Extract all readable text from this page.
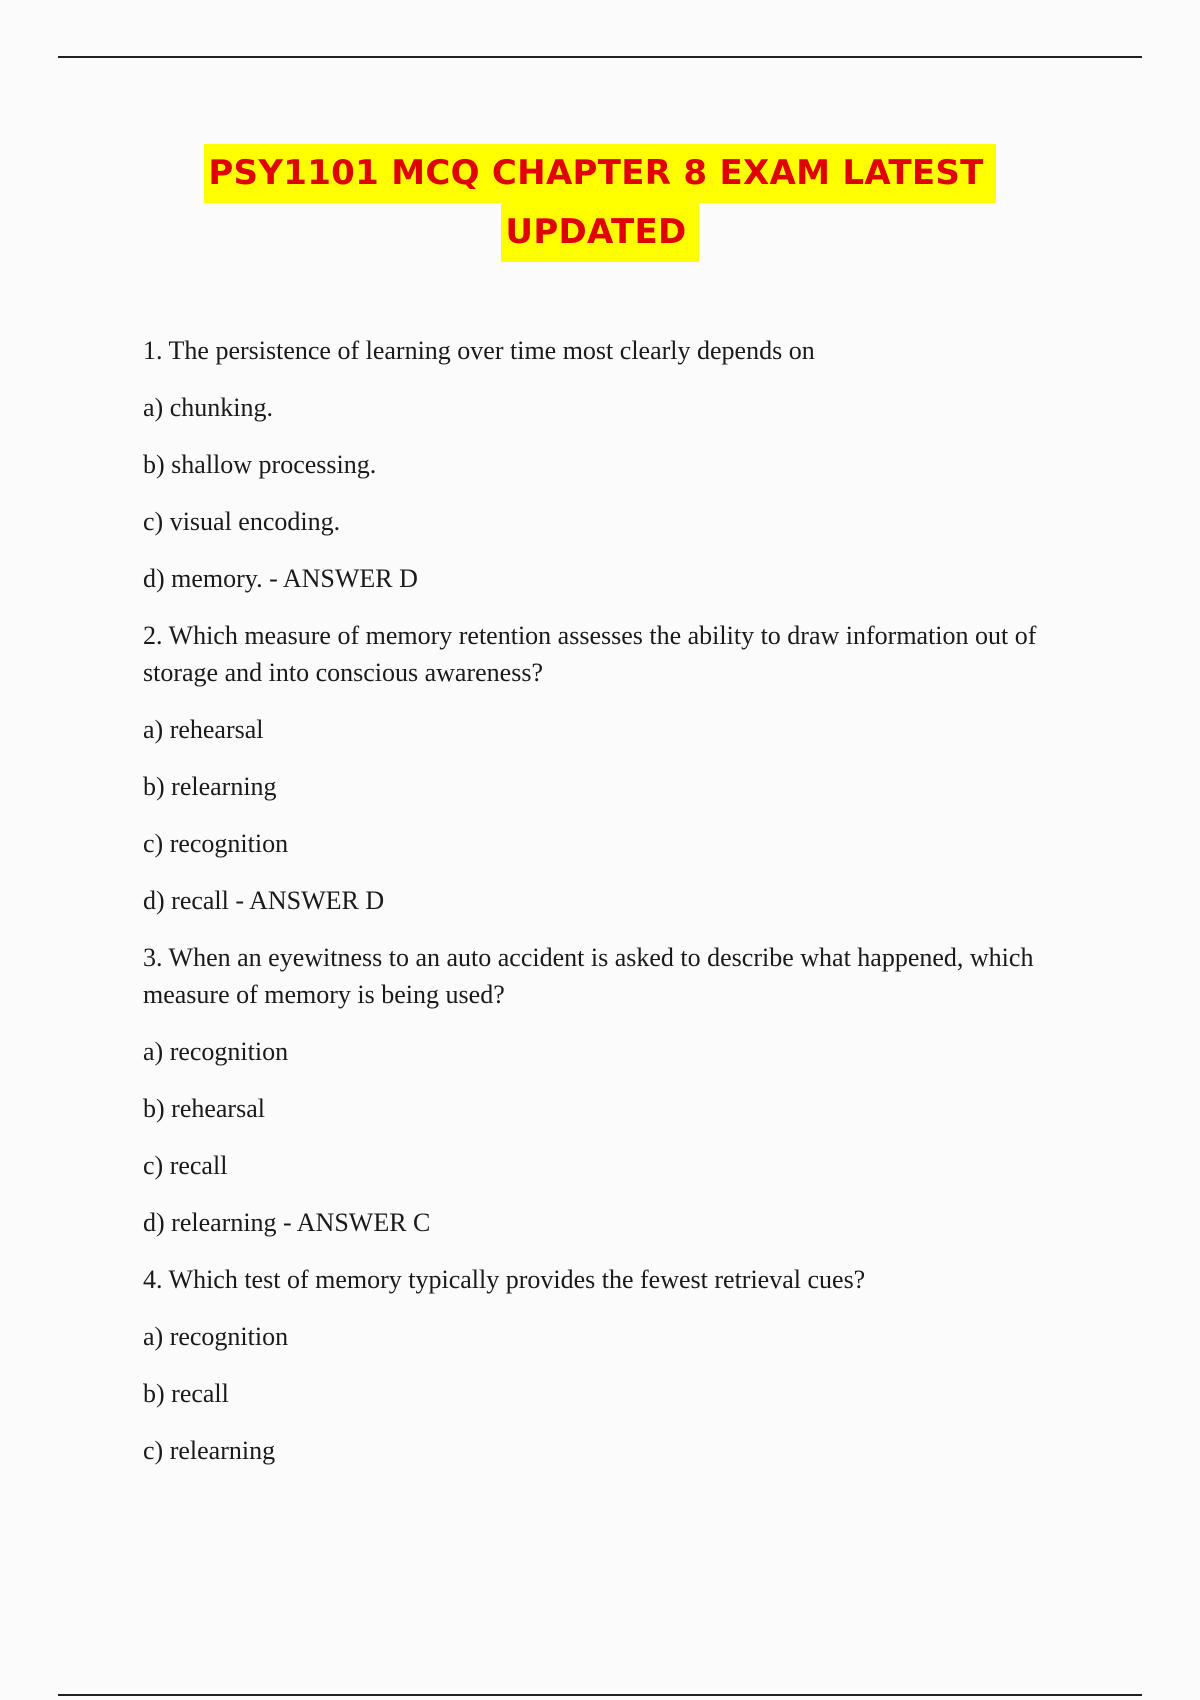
PSY1101 MCQ CHAPTER 8 EXAM LATEST
UPDATED

1. The persistence of learning over time most clearly depends on

a) chunking.

b) shallow processing.

c) visual encoding.

d) memory. - ANSWER D

2. Which measure of memory retention assesses the ability to draw information out of storage and into conscious awareness?

a) rehearsal

b) relearning

c) recognition

d) recall - ANSWER D

3. When an eyewitness to an auto accident is asked to describe what happened, which measure of memory is being used?

a) recognition

b) rehearsal

c) recall

d) relearning - ANSWER C

4. Which test of memory typically provides the fewest retrieval cues?

a) recognition

b) recall

c) relearning
